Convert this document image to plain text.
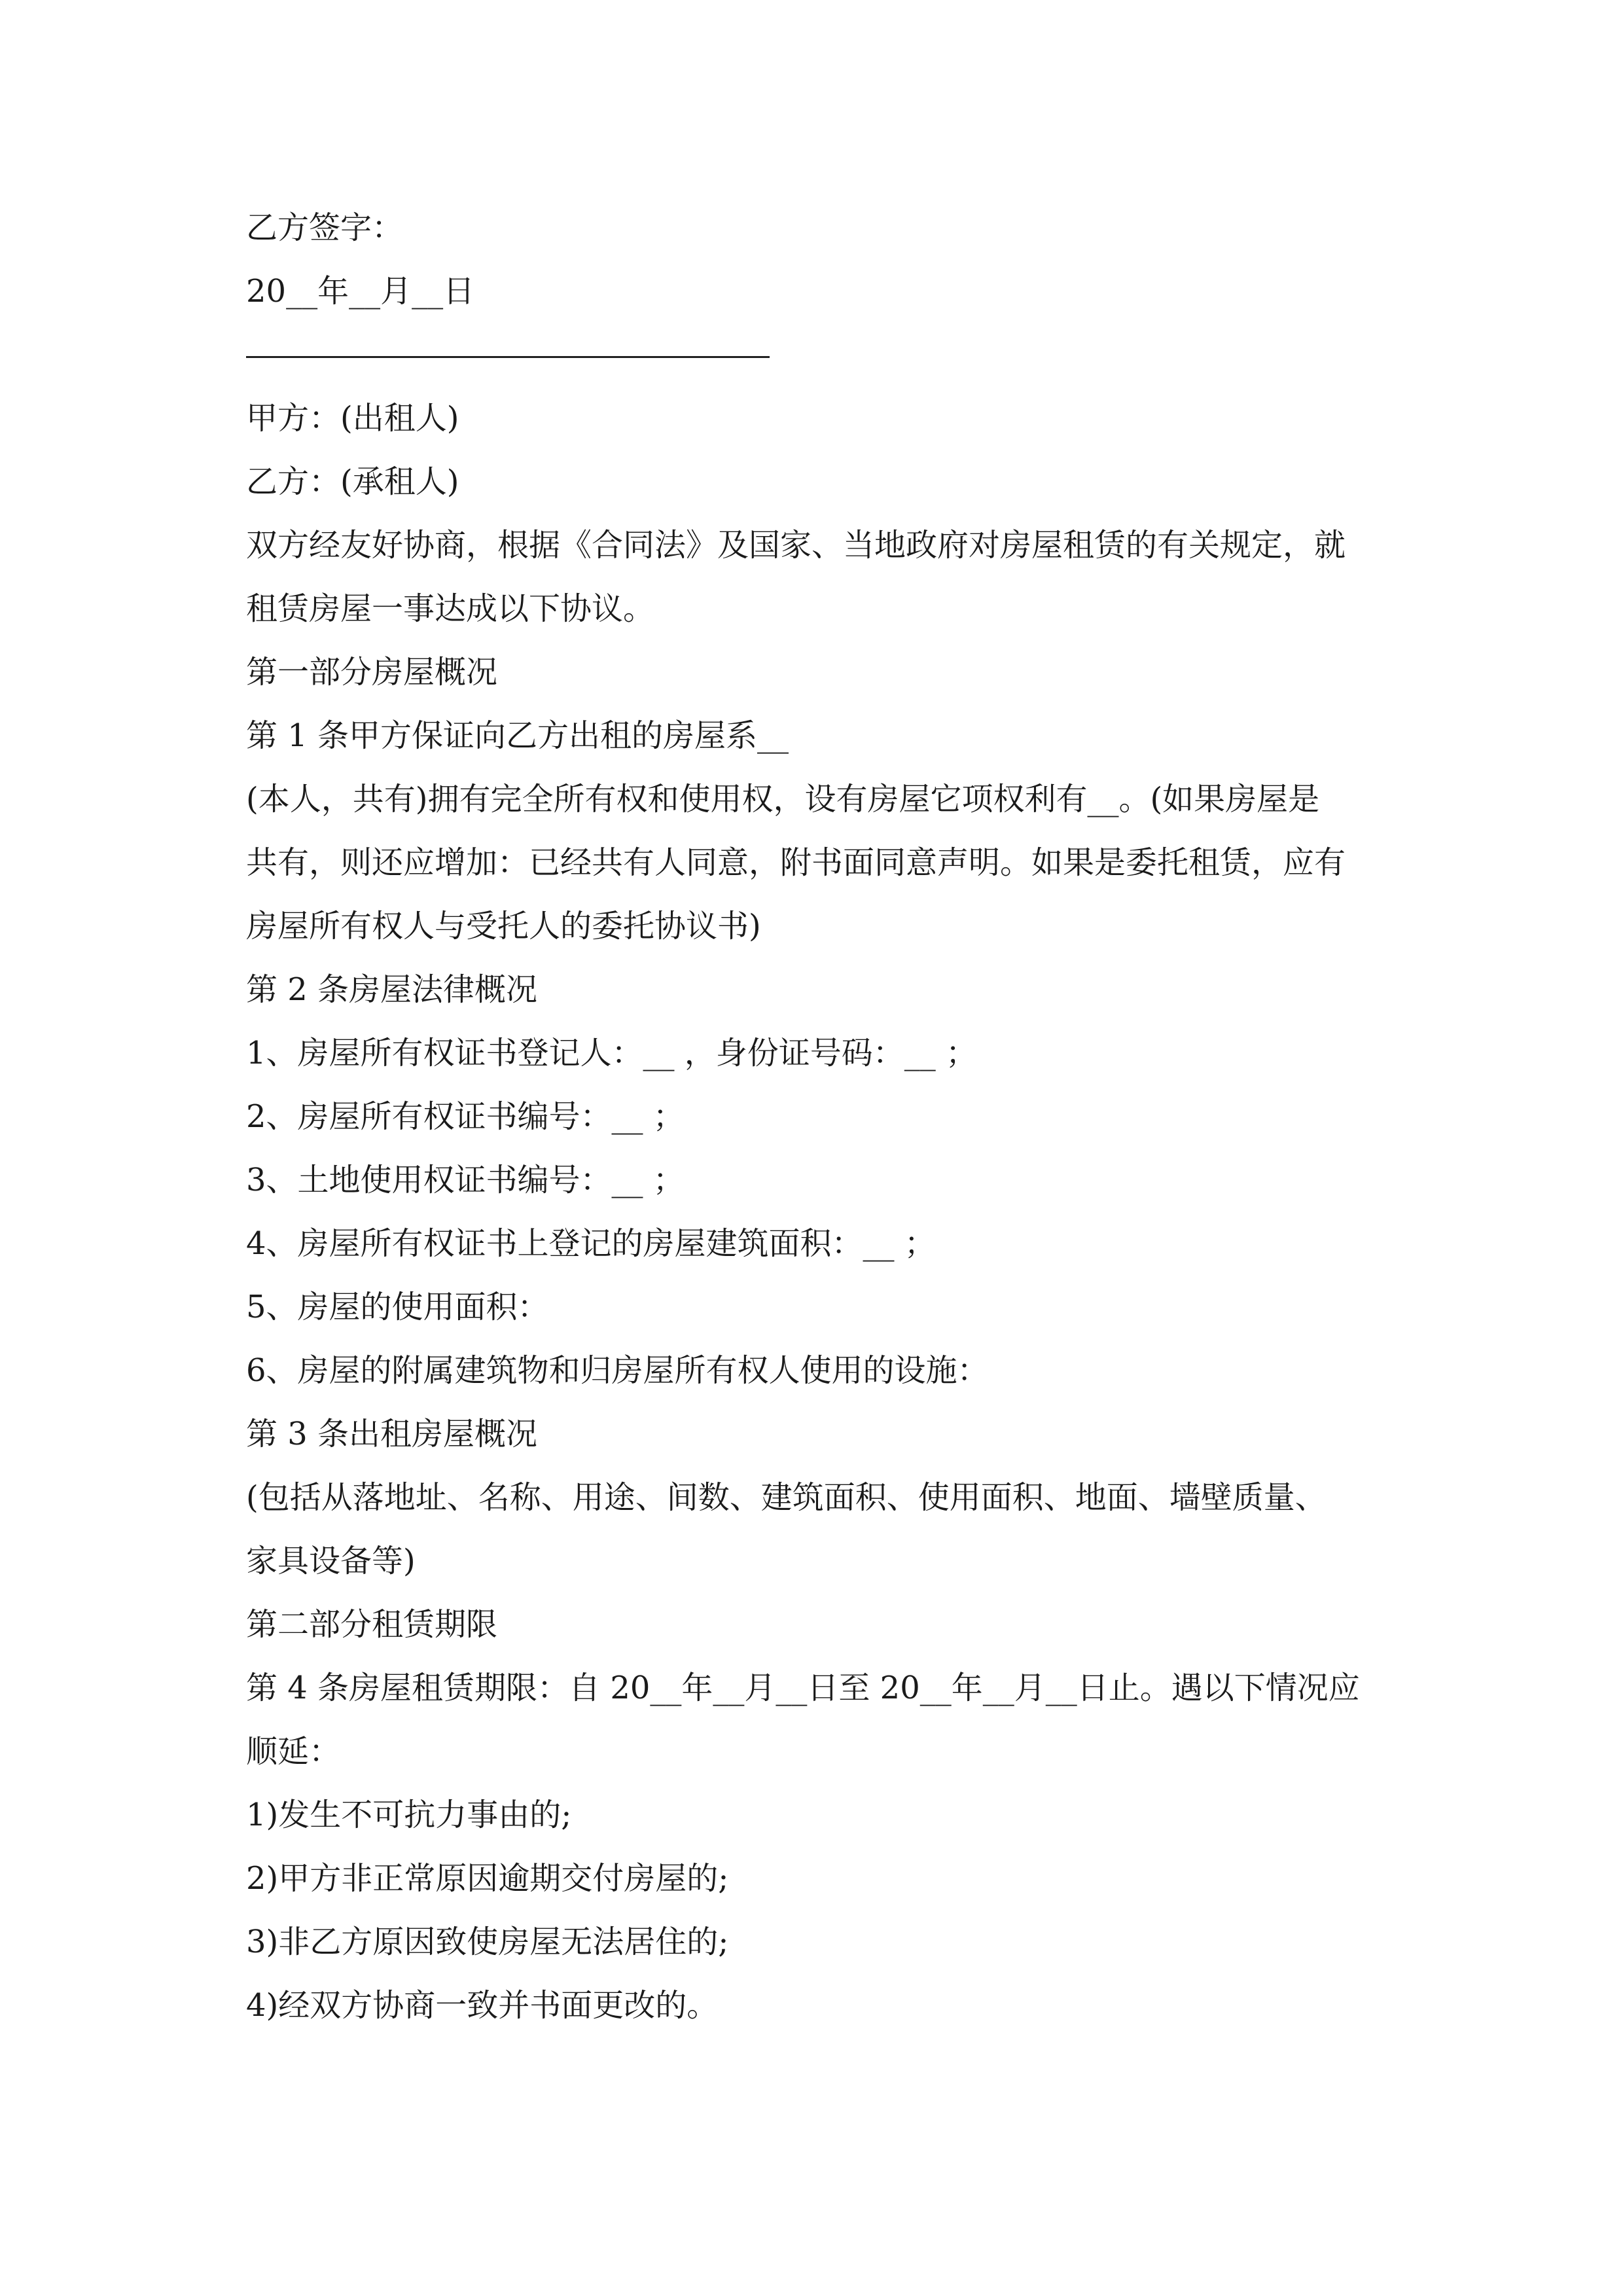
乙方签字：

20__年__月__日

甲方：(出租人)

乙方：(承租人)

双方经友好协商，根据《合同法》及国家、当地政府对房屋租赁的有关规定，就

租赁房屋一事达成以下协议。

第一部分房屋概况

第 1 条甲方保证向乙方出租的房屋系__

(本人，共有)拥有完全所有权和使用权，设有房屋它项权利有__。(如果房屋是

共有，则还应增加：已经共有人同意，附书面同意声明。如果是委托租赁，应有

房屋所有权人与受托人的委托协议书)

第 2 条房屋法律概况

1、房屋所有权证书登记人：__ ，身份证号码：__ ；

2、房屋所有权证书编号：__ ；

3、土地使用权证书编号：__ ；

4、房屋所有权证书上登记的房屋建筑面积：__ ；

5、房屋的使用面积：

6、房屋的附属建筑物和归房屋所有权人使用的设施：

第 3 条出租房屋概况

(包括从落地址、名称、用途、间数、建筑面积、使用面积、地面、墙壁质量、

家具设备等)

第二部分租赁期限

第 4 条房屋租赁期限：自 20__年__月__日至 20__年__月__日止。遇以下情况应

顺延：

1)发生不可抗力事由的;

2)甲方非正常原因逾期交付房屋的;

3)非乙方原因致使房屋无法居住的;

4)经双方协商一致并书面更改的。
